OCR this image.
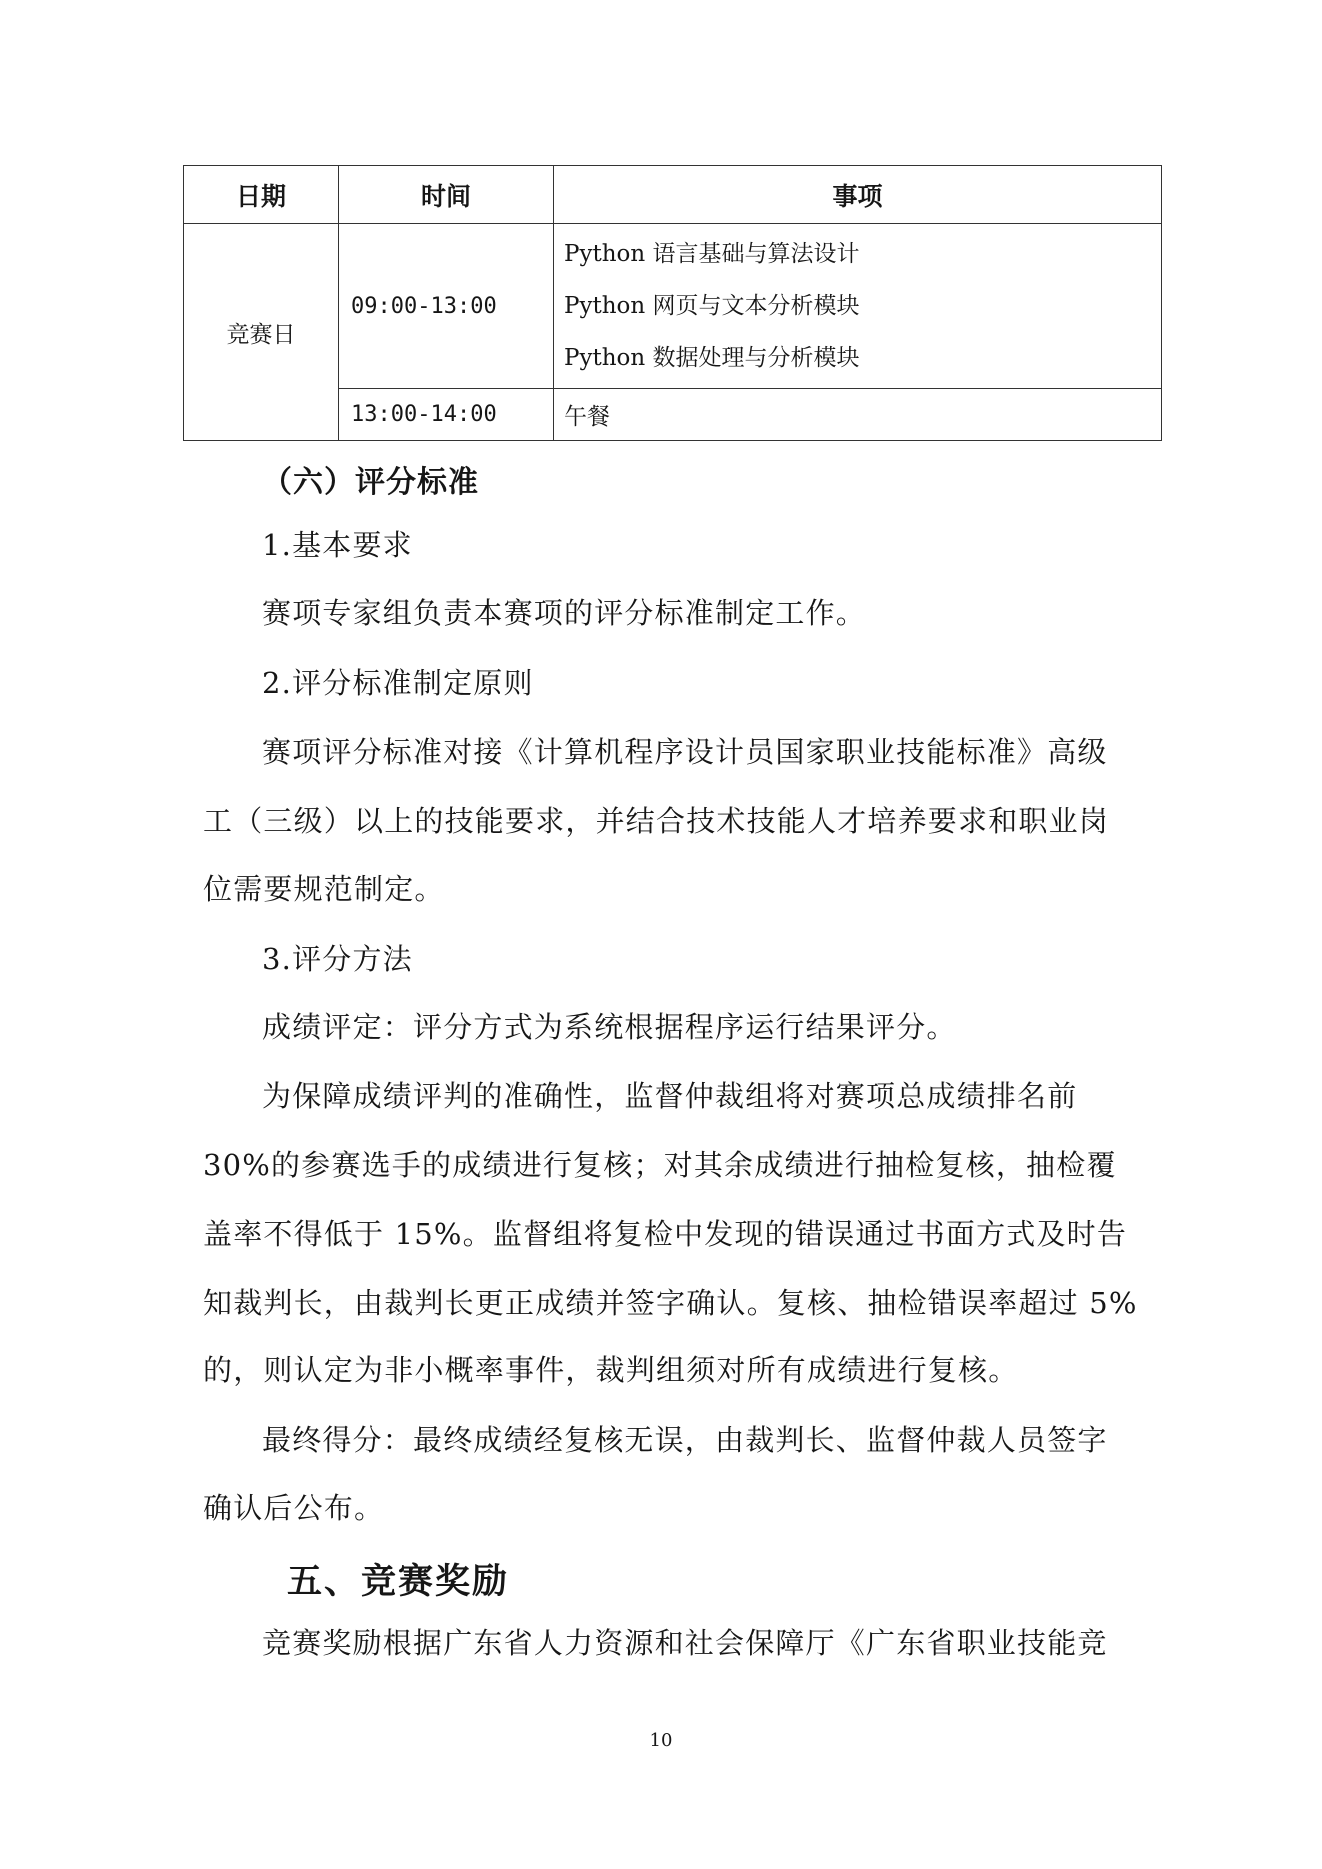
日期	时间	事项
竞赛日	09:00-13:00	Python 语言基础与算法设计
Python 网页与文本分析模块
Python 数据处理与分析模块

	13:00-14:00	午餐
（六）评分标准
1.基本要求
赛项专家组负责本赛项的评分标准制定工作。
2.评分标准制定原则
赛项评分标准对接《计算机程序设计员国家职业技能标准》高级
工（三级）以上的技能要求，并结合技术技能人才培养要求和职业岗
位需要规范制定。
3.评分方法
成绩评定：评分方式为系统根据程序运行结果评分。
为保障成绩评判的准确性，监督仲裁组将对赛项总成绩排名前
30%的参赛选手的成绩进行复核；对其余成绩进行抽检复核，抽检覆
盖率不得低于 15%。监督组将复检中发现的错误通过书面方式及时告
知裁判长，由裁判长更正成绩并签字确认。复核、抽检错误率超过 5%
的，则认定为非小概率事件，裁判组须对所有成绩进行复核。
最终得分：最终成绩经复核无误，由裁判长、监督仲裁人员签字
确认后公布。
五、竞赛奖励
竞赛奖励根据广东省人力资源和社会保障厅《广东省职业技能竞
10
